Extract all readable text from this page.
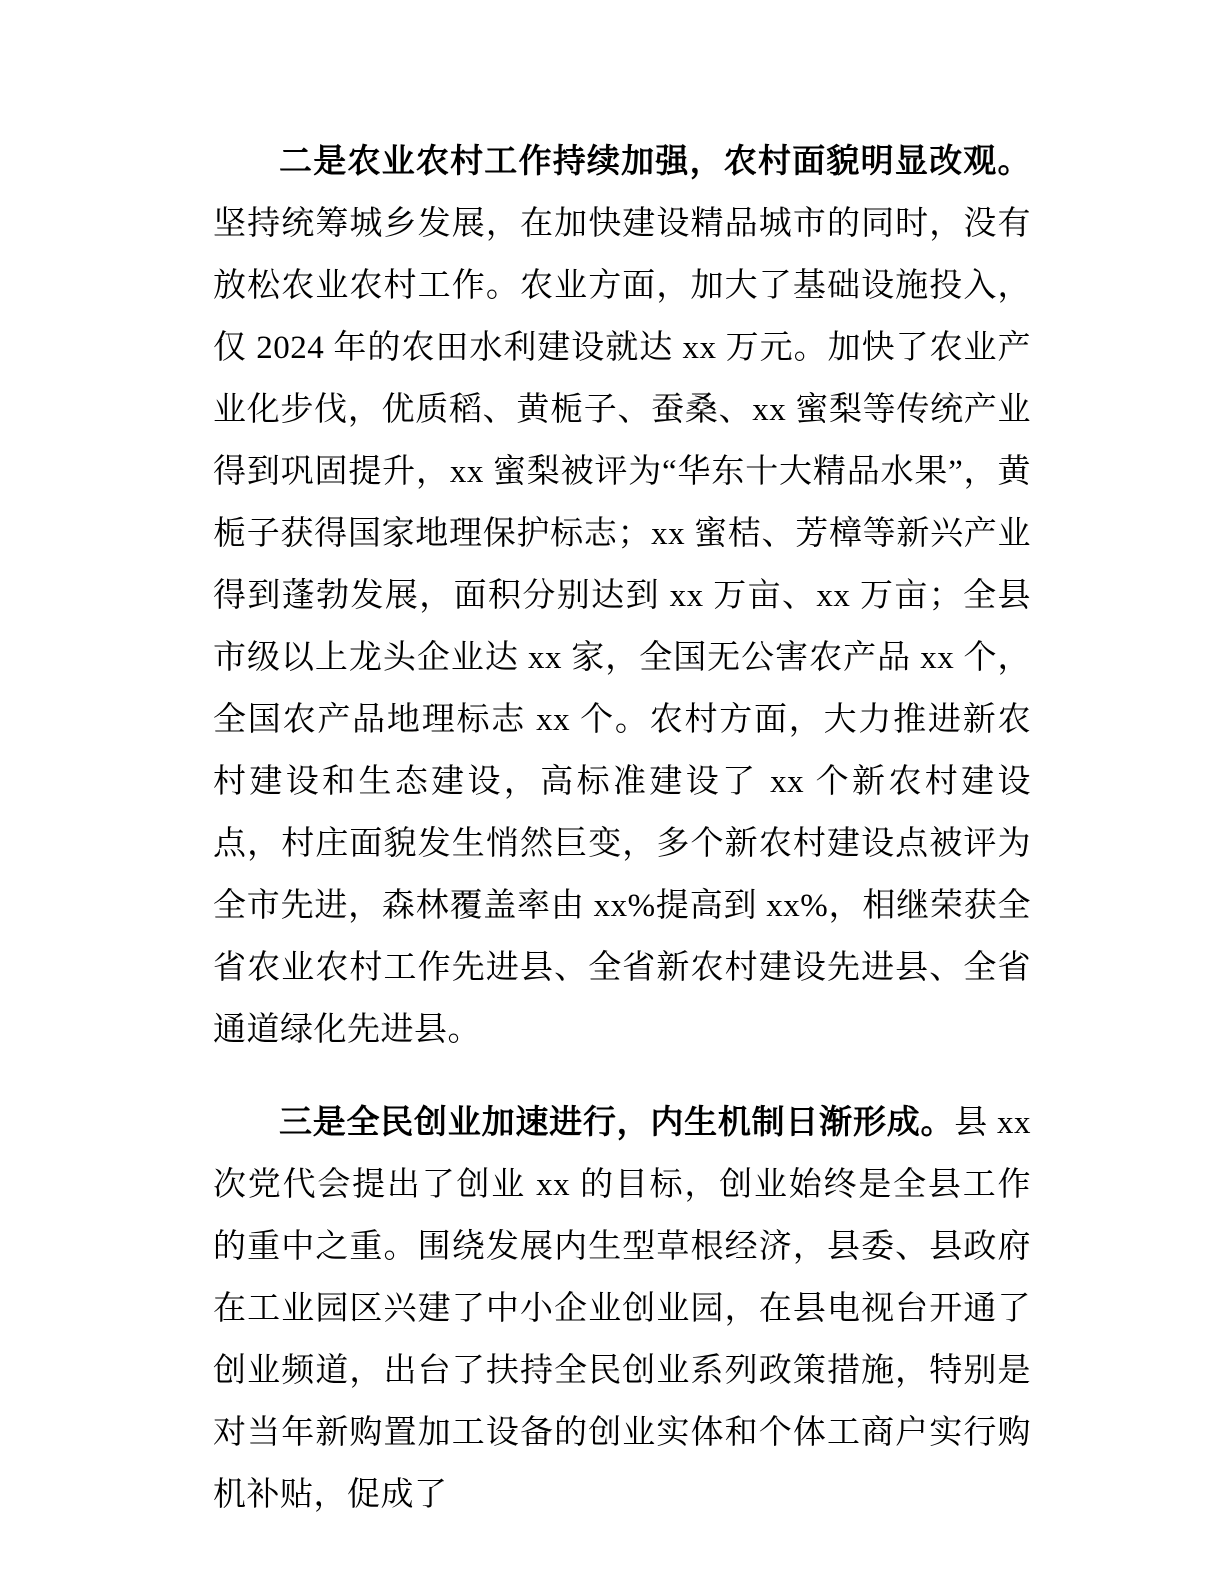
二是农业农村工作持续加强，农村面貌明显改观。坚持统筹城乡发展，在加快建设精品城市的同时，没有放松农业农村工作。农业方面，加大了基础设施投入，仅 2024 年的农田水利建设就达 xx 万元。加快了农业产业化步伐，优质稻、黄栀子、蚕桑、xx 蜜梨等传统产业得到巩固提升，xx 蜜梨被评为“华东十大精品水果”，黄栀子获得国家地理保护标志；xx 蜜桔、芳樟等新兴产业得到蓬勃发展，面积分别达到 xx 万亩、xx 万亩；全县市级以上龙头企业达 xx 家，全国无公害农产品 xx 个，全国农产品地理标志 xx 个。农村方面，大力推进新农村建设和生态建设，高标准建设了 xx 个新农村建设点，村庄面貌发生悄然巨变，多个新农村建设点被评为全市先进，森林覆盖率由 xx%提高到 xx%，相继荣获全省农业农村工作先进县、全省新农村建设先进县、全省通道绿化先进县。

三是全民创业加速进行，内生机制日渐形成。县 xx 次党代会提出了创业 xx 的目标，创业始终是全县工作的重中之重。围绕发展内生型草根经济，县委、县政府在工业园区兴建了中小企业创业园，在县电视台开通了创业频道，出台了扶持全民创业系列政策措施，特别是对当年新购置加工设备的创业实体和个体工商户实行购机补贴，促成了
